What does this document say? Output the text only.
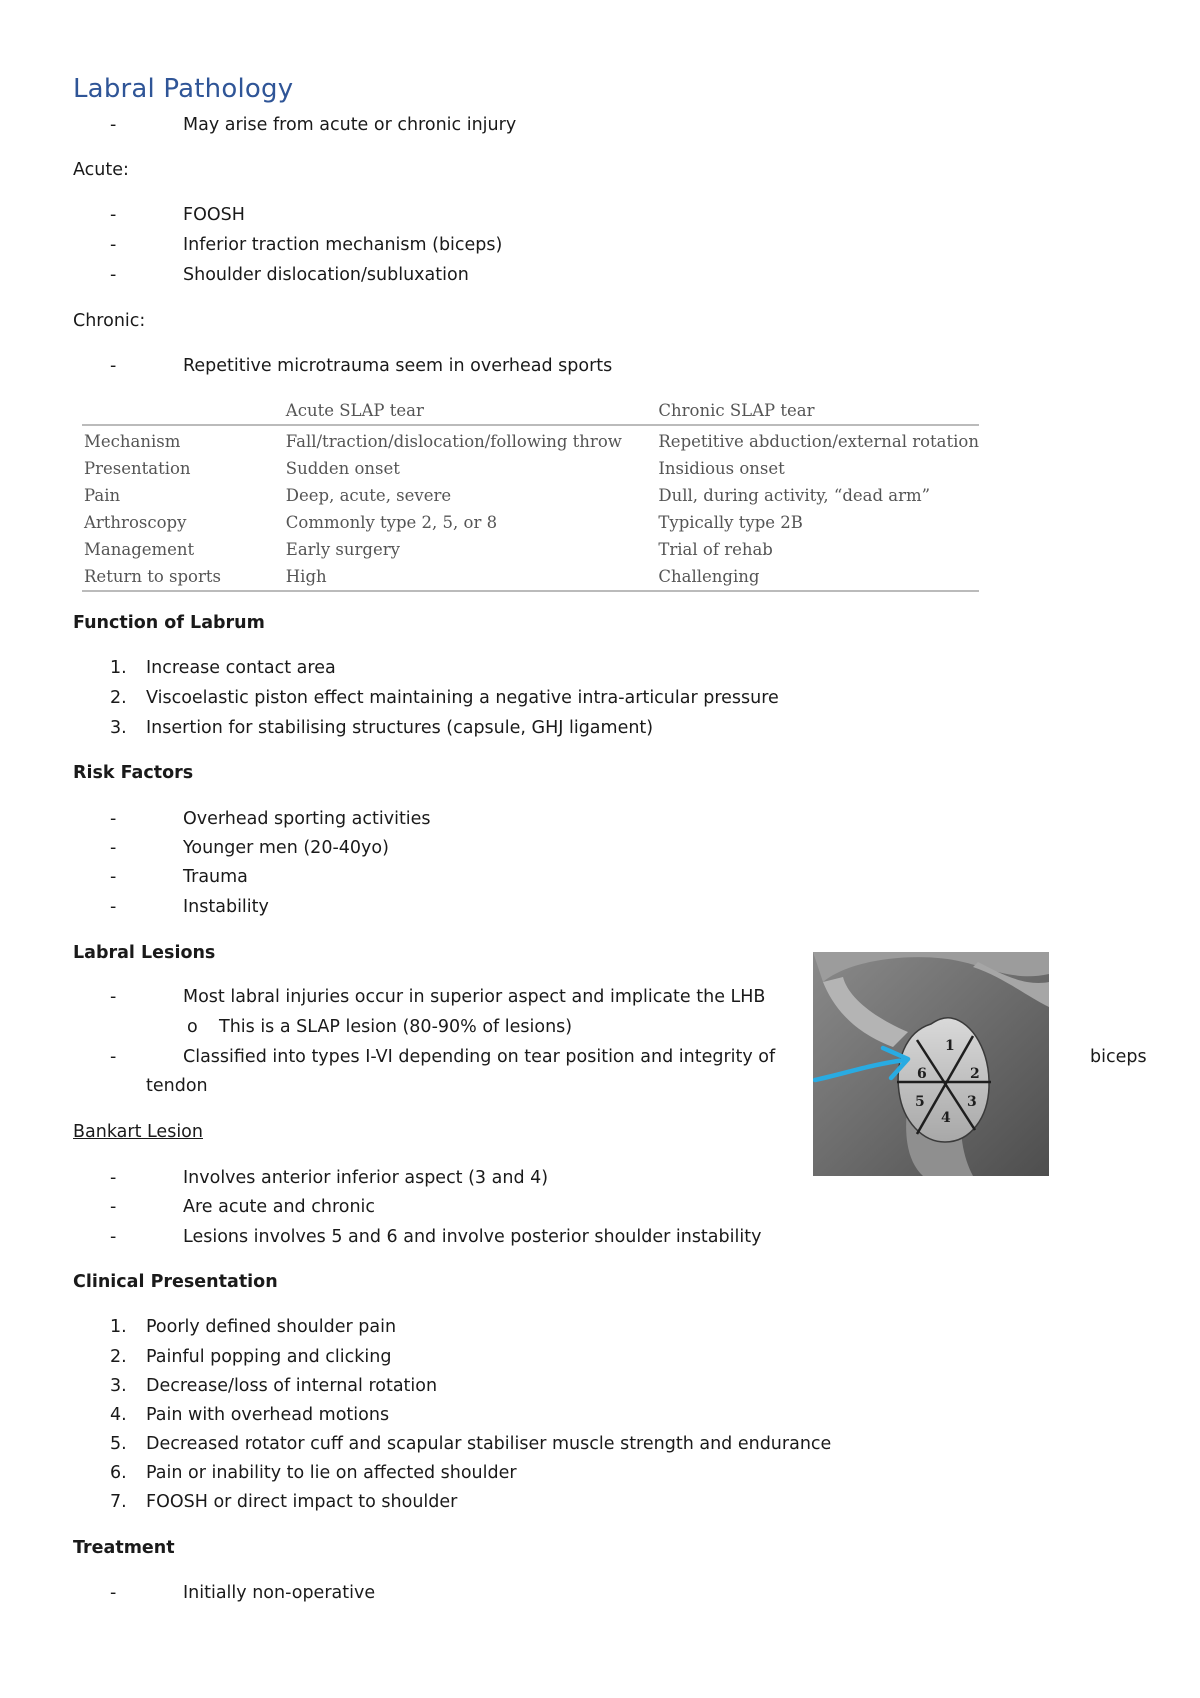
Labral Pathology
-	May arise from acute or chronic injury
Acute:
-	FOOSH
-	Inferior traction mechanism (biceps)
-	Shoulder dislocation/subluxation
Chronic:
-	Repetitive microtrauma seem in overhead sports
	Acute SLAP tear	Chronic SLAP tear
Mechanism	Fall/traction/dislocation/following throw	Repetitive abduction/external rotation
Presentation	Sudden onset	Insidious onset
Pain	Deep, acute, severe	Dull, during activity, “dead arm”
Arthroscopy	Commonly type 2, 5, or 8	Typically type 2B
Management	Early surgery	Trial of rehab
Return to sports	High	Challenging
Function of Labrum
1. Increase contact area
2. Viscoelastic piston effect maintaining a negative intra-articular pressure
3. Insertion for stabilising structures (capsule, GHJ ligament)
Risk Factors
-	Overhead sporting activities
-	Younger men (20-40yo)
-	Trauma
-	Instability
Labral Lesions
-	Most labral injuries occur in superior aspect and implicate the LHB
o This is a SLAP lesion (80-90% of lesions)
-	Classified into types I-VI depending on tear position and integrity of	biceps
tendon
1
2
3
4
5
6
Bankart Lesion
-	Involves anterior inferior aspect (3 and 4)
-	Are acute and chronic
-	Lesions involves 5 and 6 and involve posterior shoulder instability
Clinical Presentation
1. Poorly defined shoulder pain
2. Painful popping and clicking
3. Decrease/loss of internal rotation
4. Pain with overhead motions
5. Decreased rotator cuff and scapular stabiliser muscle strength and endurance
6. Pain or inability to lie on affected shoulder
7. FOOSH or direct impact to shoulder
Treatment
-	Initially non-operative
